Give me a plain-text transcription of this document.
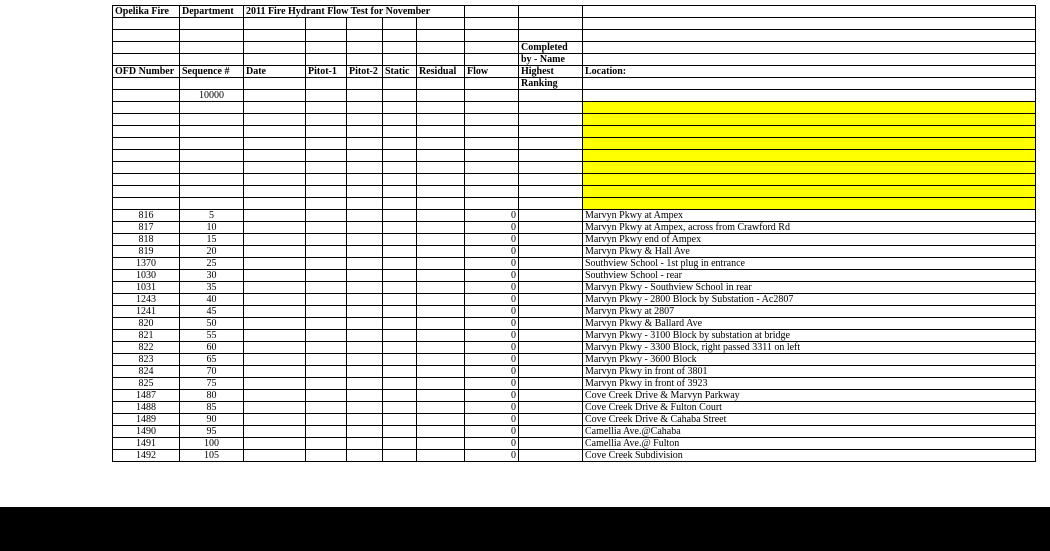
Opelika Fire	Department	2011 Fire Hydrant Flow Test for November							

								Completed	
								by - Name	
OFD Number	Sequence #	Date	Pitot-1	Pitot-2	Static	Residual	Flow	Highest	Location:
								Ranking	
	10000								

816	5						0		Marvyn Pkwy at Ampex
817	10						0		Marvyn Pkwy at Ampex, across from Crawford Rd
818	15						0		Marvyn Pkwy end of Ampex
819	20						0		Marvyn Pkwy & Hall Ave
1370	25						0		Southview School - 1st plug in entrance
1030	30						0		Southview School - rear
1031	35						0		Marvyn Pkwy - Southview School in rear
1243	40						0		Marvyn Pkwy - 2800 Block by Substation - Ac2807
1241	45						0		Marvyn Pkwy at 2807
820	50						0		Marvyn Pkwy & Ballard Ave
821	55						0		Marvyn Pkwy - 3100 Block by substation at bridge
822	60						0		Marvyn Pkwy - 3300 Block, right passed 3311 on left
823	65						0		Marvyn Pkwy - 3600 Block
824	70						0		Marvyn Pkwy in front of 3801
825	75						0		Marvyn Pkwy in front of 3923
1487	80						0		Cove Creek Drive & Marvyn Parkway
1488	85						0		Cove Creek Drive & Fulton Court
1489	90						0		Cove Creek Drive & Cahaba Street
1490	95						0		Camellia Ave.@Cahaba
1491	100						0		Camellia Ave.@ Fulton
1492	105						0		Cove Creek Subdivision
